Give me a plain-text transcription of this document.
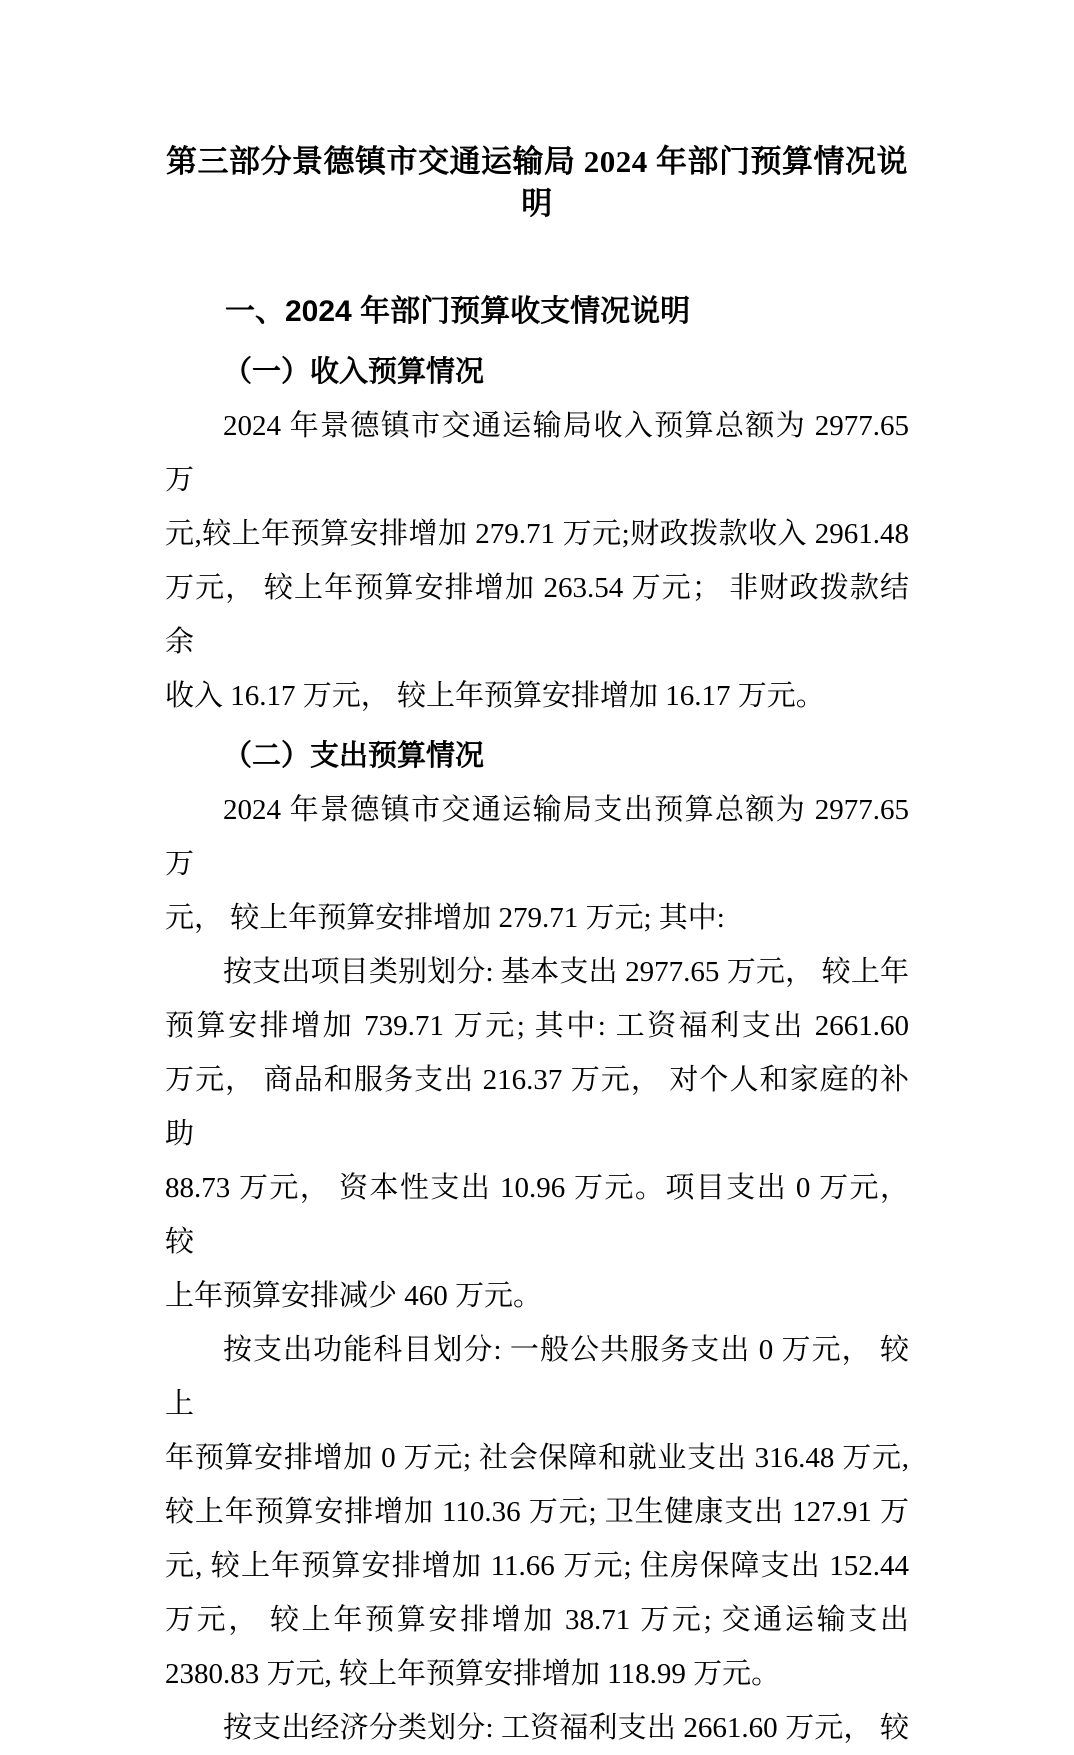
第三部分景德镇市交通运输局 2024 年部门预算情况说明
一、2024 年部门预算收支情况说明
（一）收入预算情况
2024 年景德镇市交通运输局收入预算总额为 2977.65 万
元,较上年预算安排增加 279.71 万元;财政拨款收入 2961.48
万元， 较上年预算安排增加 263.54 万元； 非财政拨款结余
收入 16.17 万元， 较上年预算安排增加 16.17 万元。
（二）支出预算情况
2024 年景德镇市交通运输局支出预算总额为 2977.65 万
元， 较上年预算安排增加 279.71 万元; 其中:
按支出项目类别划分: 基本支出 2977.65 万元， 较上年
预算安排增加 739.71 万元; 其中: 工资福利支出 2661.60
万元， 商品和服务支出 216.37 万元， 对个人和家庭的补助
88.73 万元， 资本性支出 10.96 万元。项目支出 0 万元， 较
上年预算安排减少 460 万元。
按支出功能科目划分: 一般公共服务支出 0 万元， 较上
年预算安排增加 0 万元; 社会保障和就业支出 316.48 万元,
较上年预算安排增加 110.36 万元; 卫生健康支出 127.91 万
元, 较上年预算安排增加 11.66 万元; 住房保障支出 152.44
万元， 较上年预算安排增加 38.71 万元; 交通运输支出
2380.83 万元, 较上年预算安排增加 118.99 万元。
按支出经济分类划分: 工资福利支出 2661.60 万元， 较
